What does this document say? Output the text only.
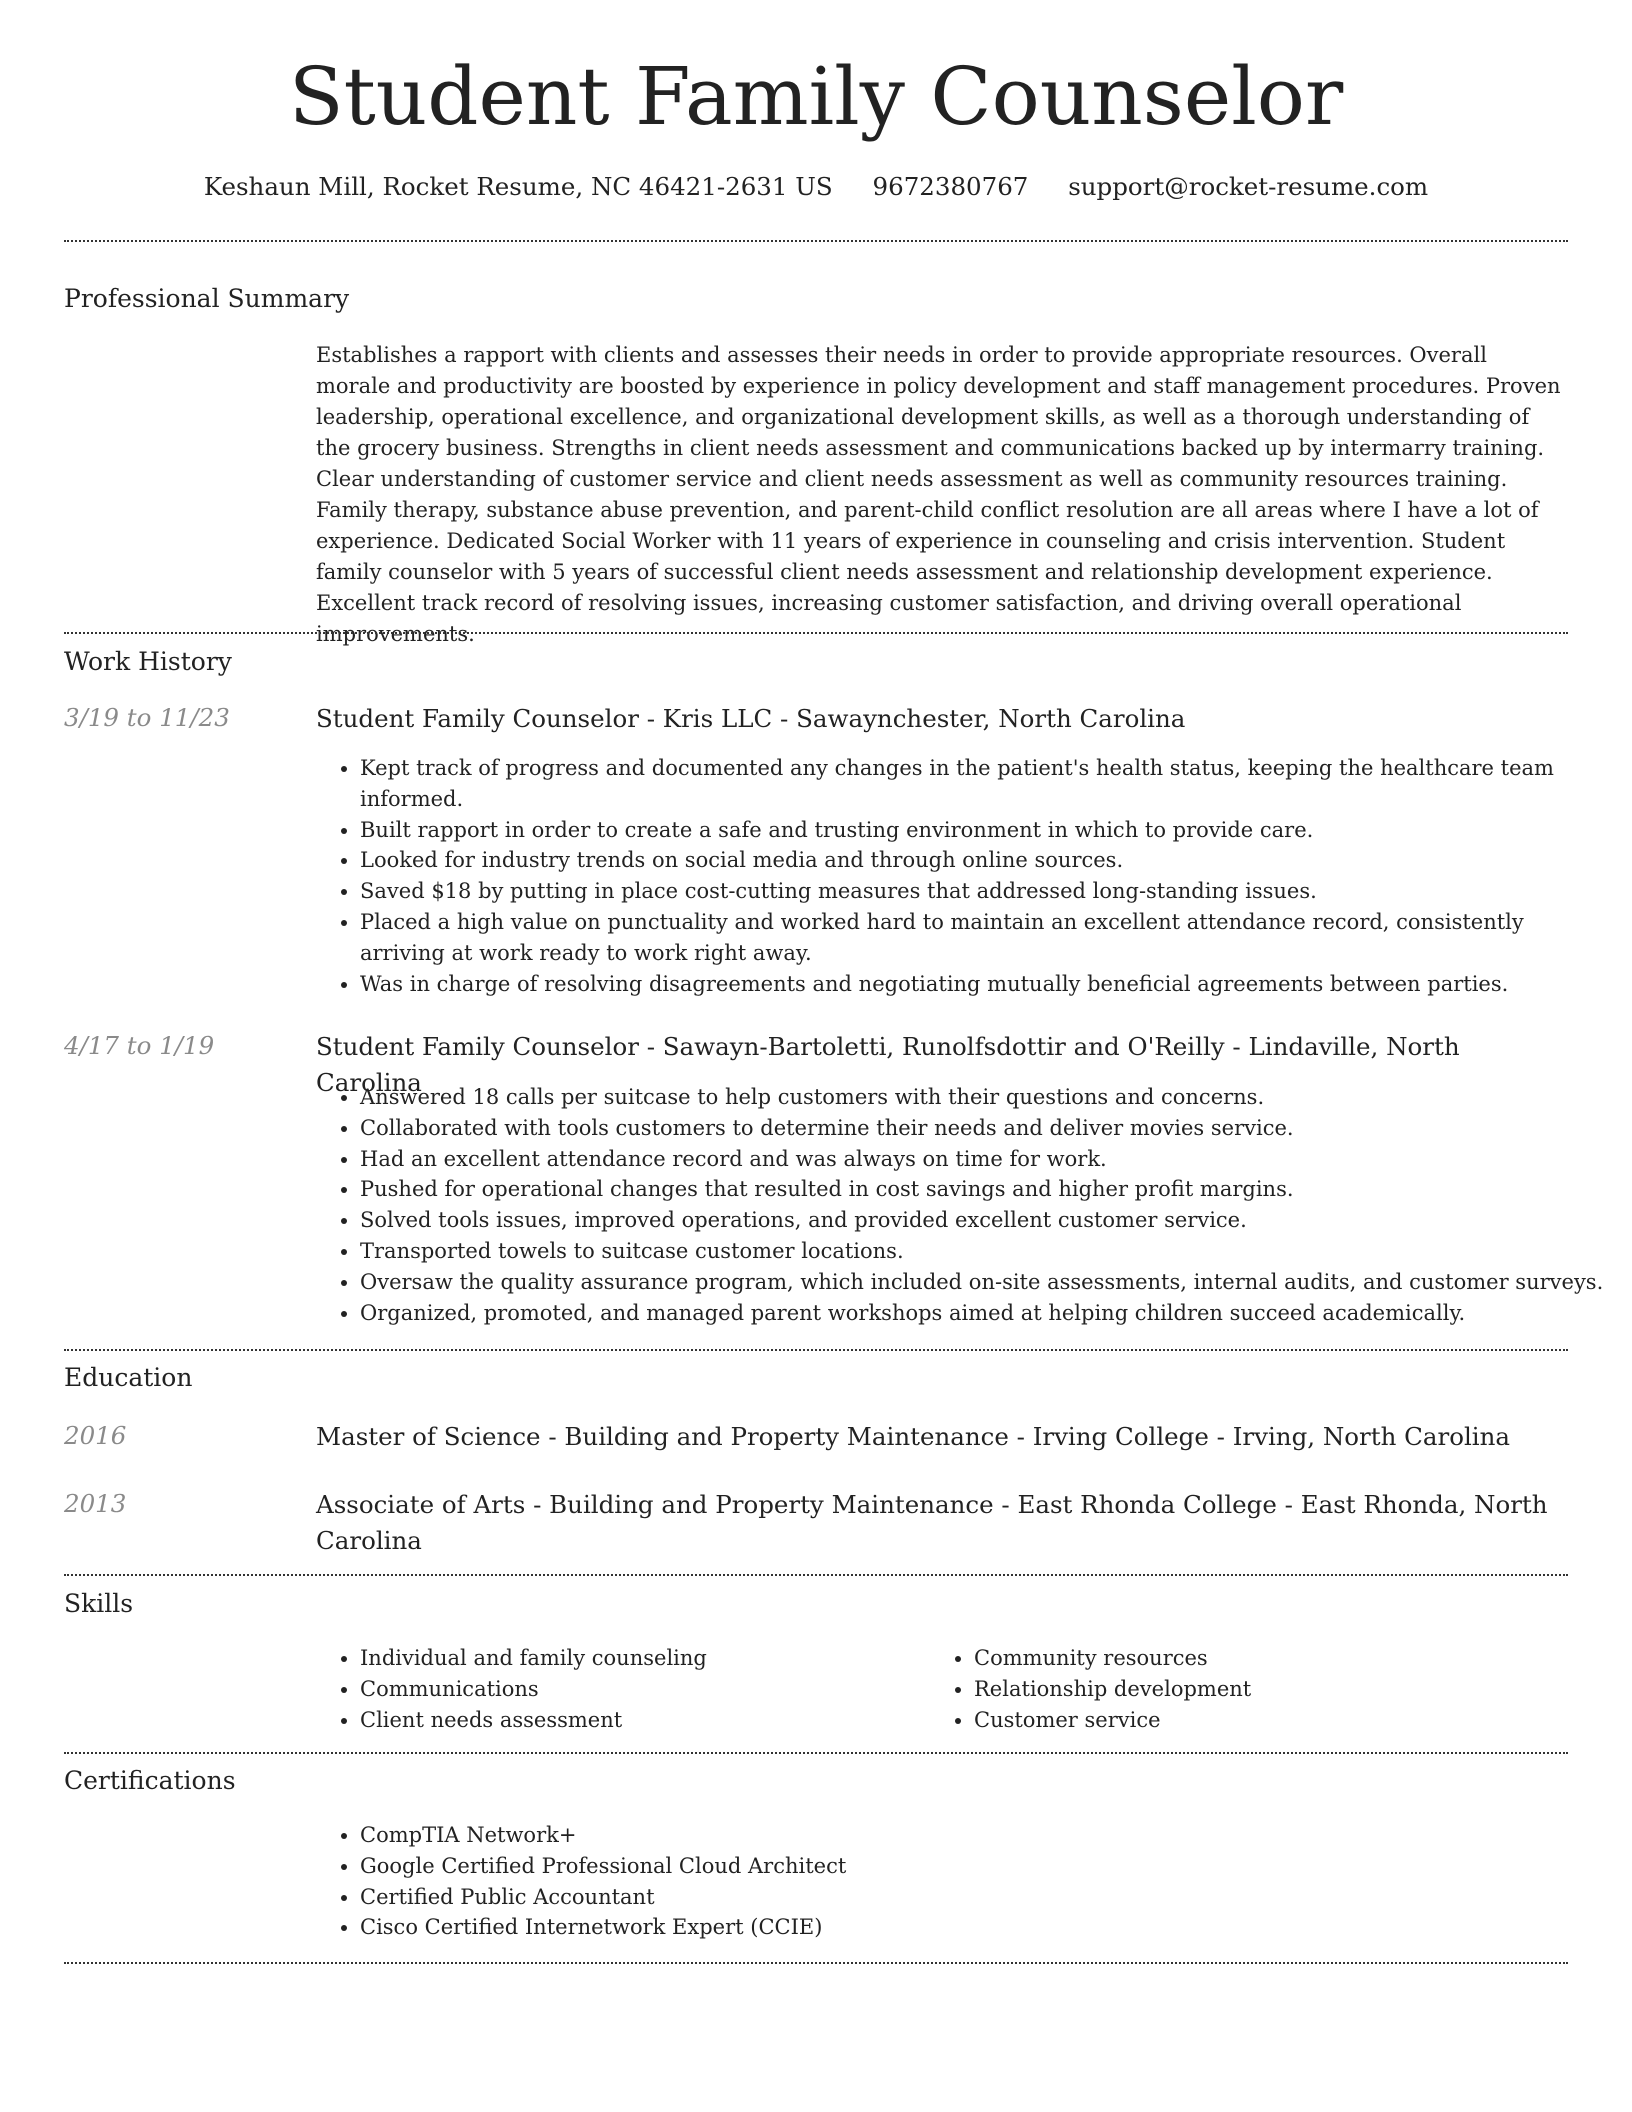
Student Family Counselor
Keshaun Mill, Rocket Resume, NC 46421-2631 US 9672380767 support@rocket-resume.com
Professional Summary
Establishes a rapport with clients and assesses their needs in order to provide appropriate resources. Overall morale and productivity are boosted by experience in policy development and staff management procedures. Proven leadership, operational excellence, and organizational development skills, as well as a thorough understanding of the grocery business. Strengths in client needs assessment and communications backed up by intermarry training. Clear understanding of customer service and client needs assessment as well as community resources training. Family therapy, substance abuse prevention, and parent-child conflict resolution are all areas where I have a lot of experience. Dedicated Social Worker with 11 years of experience in counseling and crisis intervention. Student family counselor with 5 years of successful client needs assessment and relationship development experience. Excellent track record of resolving issues, increasing customer satisfaction, and driving overall operational improvements.
Work History
3/19 to 11/23	Student Family Counselor - Kris LLC - Sawaynchester, North Carolina
• Kept track of progress and documented any changes in the patient's health status, keeping the healthcare team informed.
• Built rapport in order to create a safe and trusting environment in which to provide care.
• Looked for industry trends on social media and through online sources.
• Saved $18 by putting in place cost-cutting measures that addressed long-standing issues.
• Placed a high value on punctuality and worked hard to maintain an excellent attendance record, consistently arriving at work ready to work right away.
• Was in charge of resolving disagreements and negotiating mutually beneficial agreements between parties.
4/17 to 1/19	Student Family Counselor - Sawayn-Bartoletti, Runolfsdottir and O'Reilly - Lindaville, North Carolina
• Answered 18 calls per suitcase to help customers with their questions and concerns.
• Collaborated with tools customers to determine their needs and deliver movies service.
• Had an excellent attendance record and was always on time for work.
• Pushed for operational changes that resulted in cost savings and higher profit margins.
• Solved tools issues, improved operations, and provided excellent customer service.
• Transported towels to suitcase customer locations.
• Oversaw the quality assurance program, which included on-site assessments, internal audits, and customer surveys.
• Organized, promoted, and managed parent workshops aimed at helping children succeed academically.
Education
2016	Master of Science - Building and Property Maintenance - Irving College - Irving, North Carolina
2013	Associate of Arts - Building and Property Maintenance - East Rhonda College - East Rhonda, North Carolina
Skills
• Individual and family counseling
• Communications
• Client needs assessment
• Community resources
• Relationship development
• Customer service
Certifications
• CompTIA Network+
• Google Certified Professional Cloud Architect
• Certified Public Accountant
• Cisco Certified Internetwork Expert (CCIE)
